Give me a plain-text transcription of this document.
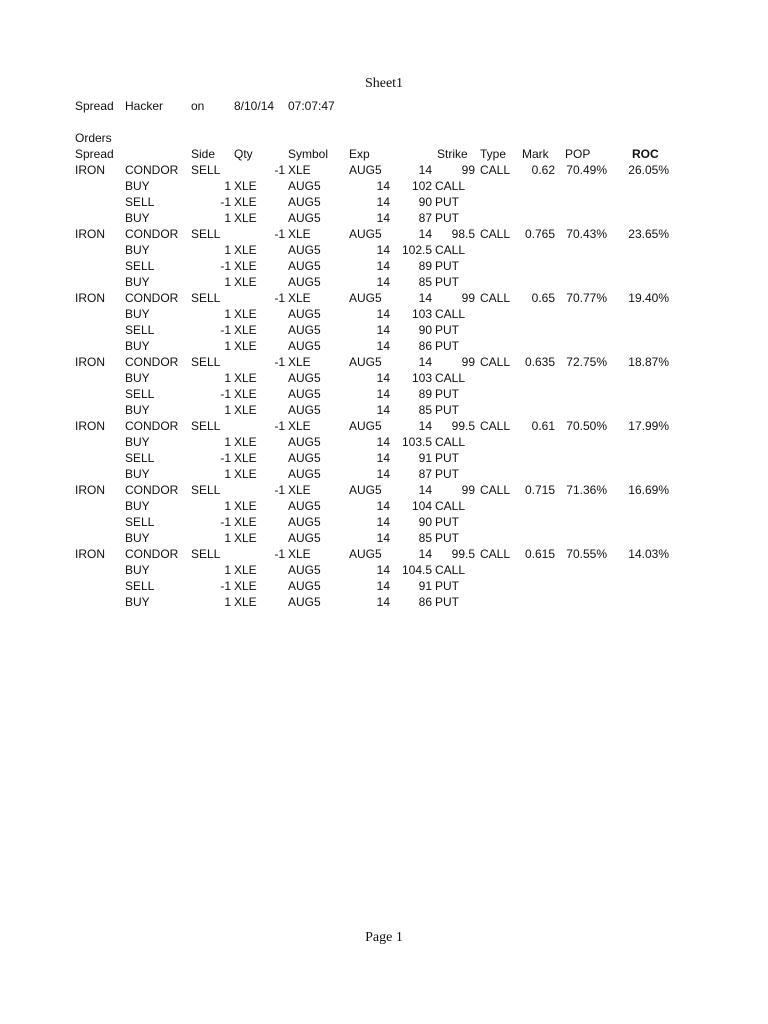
Sheet1
Spread Hacker on 8/10/14 07:07:47
Orders
Spread	Side Qty	Symbol Exp	Strike Type Mark POP	ROC
IRON CONDOR SELL	-1 XLE	AUG5	14 99 CALL 0.62 70.49% 26.05%
BUY	1 XLE	AUG5	14 102 CALL
SELL	-1 XLE	AUG5	14 90 PUT
BUY	1 XLE	AUG5	14 87 PUT
IRON CONDOR SELL	-1 XLE	AUG5	14 98.5 CALL 0.765 70.43% 23.65%
BUY	1 XLE	AUG5	14 102.5 CALL
SELL	-1 XLE	AUG5	14 89 PUT
BUY	1 XLE	AUG5	14 85 PUT
IRON CONDOR SELL	-1 XLE	AUG5	14 99 CALL 0.65 70.77% 19.40%
BUY	1 XLE	AUG5	14 103 CALL
SELL	-1 XLE	AUG5	14 90 PUT
BUY	1 XLE	AUG5	14 86 PUT
IRON CONDOR SELL	-1 XLE	AUG5	14 99 CALL 0.635 72.75% 18.87%
BUY	1 XLE	AUG5	14 103 CALL
SELL	-1 XLE	AUG5	14 89 PUT
BUY	1 XLE	AUG5	14 85 PUT
IRON CONDOR SELL	-1 XLE	AUG5	14 99.5 CALL 0.61 70.50% 17.99%
BUY	1 XLE	AUG5	14 103.5 CALL
SELL	-1 XLE	AUG5	14 91 PUT
BUY	1 XLE	AUG5	14 87 PUT
IRON CONDOR SELL	-1 XLE	AUG5	14 99 CALL 0.715 71.36% 16.69%
BUY	1 XLE	AUG5	14 104 CALL
SELL	-1 XLE	AUG5	14 90 PUT
BUY	1 XLE	AUG5	14 85 PUT
IRON CONDOR SELL	-1 XLE	AUG5	14 99.5 CALL 0.615 70.55% 14.03%
BUY	1 XLE	AUG5	14 104.5 CALL
SELL	-1 XLE	AUG5	14 91 PUT
BUY	1 XLE	AUG5	14 86 PUT
Page 1
